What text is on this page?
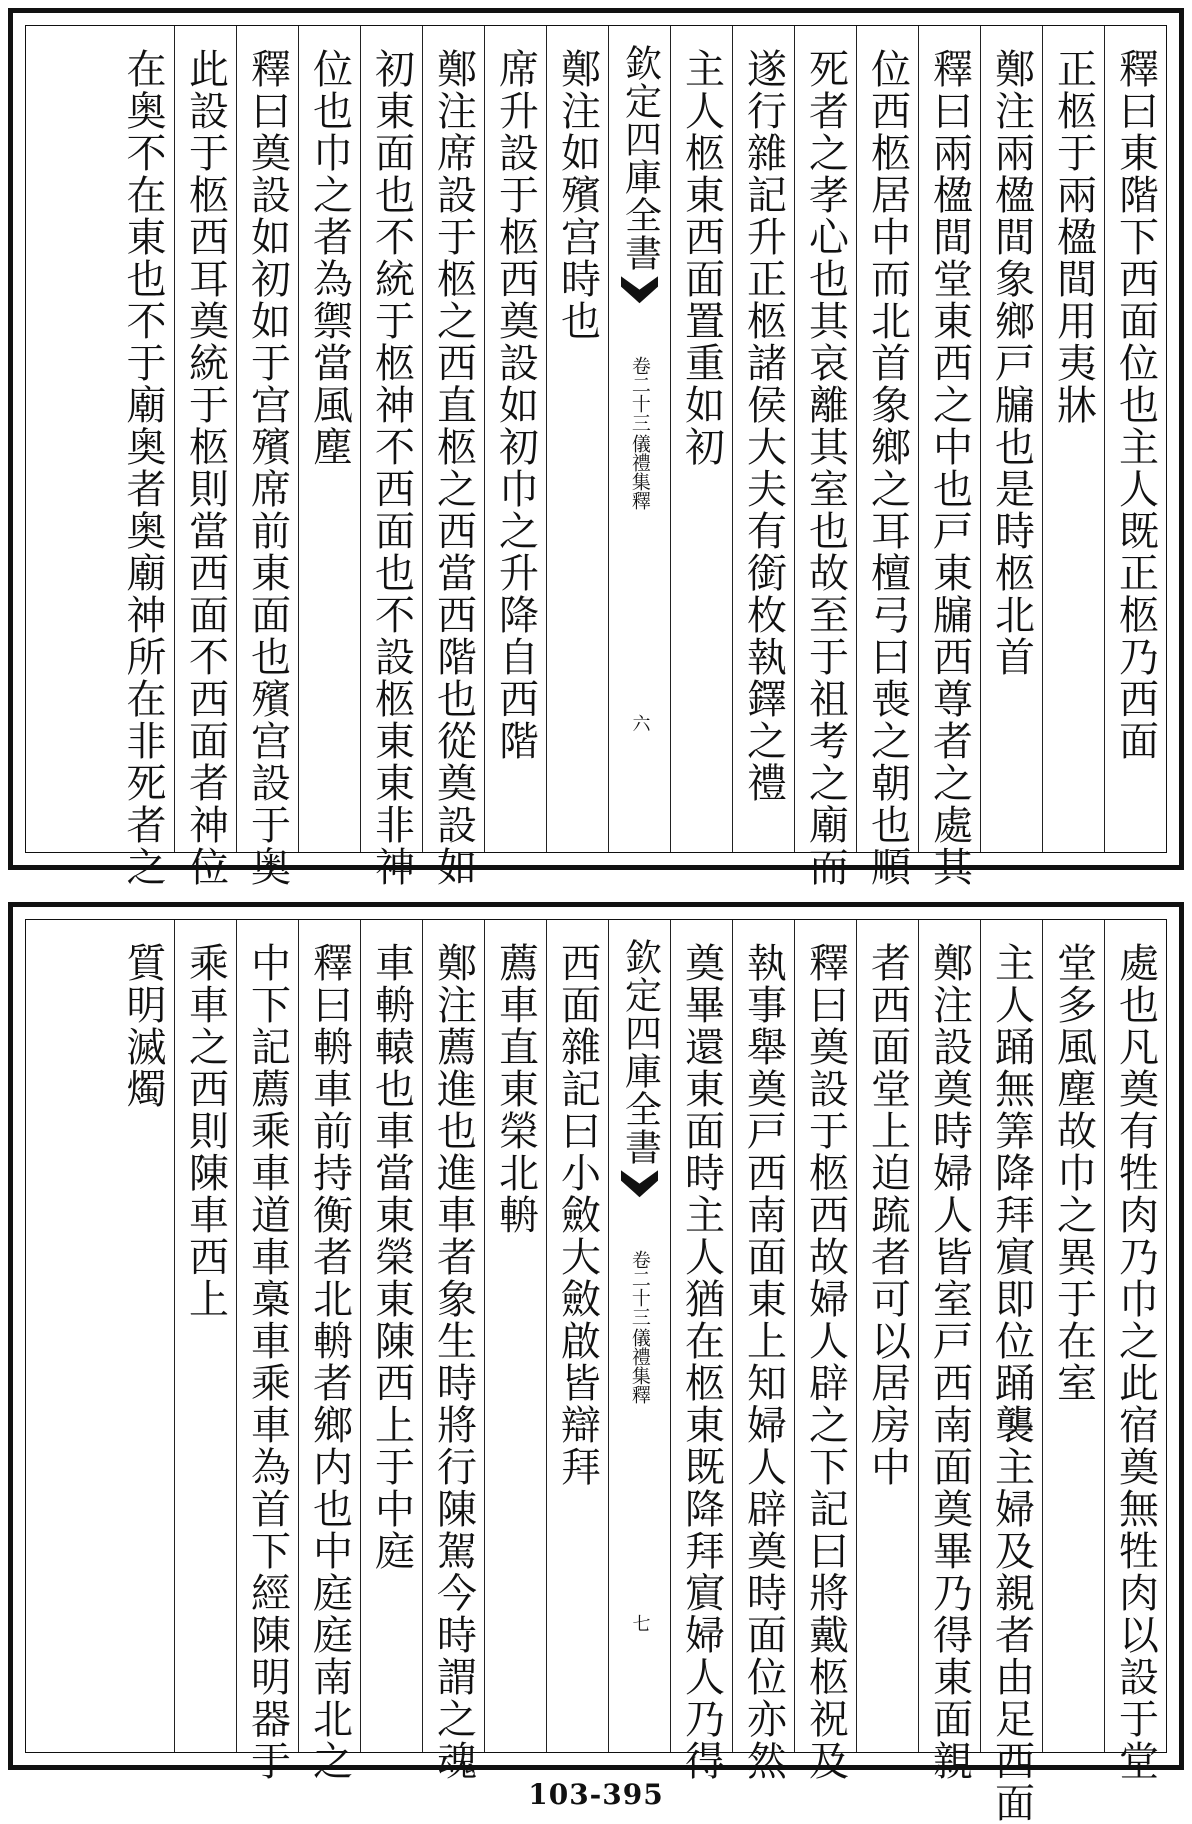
釋曰東階下西面位也主人既正柩乃西面
正柩于兩楹間用夷牀
鄭注兩楹間象鄉戸牖也是時柩北首
釋曰兩楹間堂東西之中也戸東牖西尊者之處其
位西柩居中而北首象鄉之耳檀弓曰喪之朝也順
死者之孝心也其哀離其室也故至于祖考之廟而
遂行雜記升正柩諸侯大夫有銜枚執鐸之禮
主人柩東西面置重如初
欽定四庫全書
儀禮集釋
卷二十三
六
鄭注如殯宫時也
席升設于柩西奠設如初巾之升降自西階
鄭注席設于柩之西直柩之西當西階也從奠設如
初東面也不統于柩神不西面也不設柩東東非神
位也巾之者為禦當風塵
釋曰奠設如初如于宫殯席前東面也殯宫設于奥
此設于柩西耳奠統于柩則當西面不西面者神位
在奥不在東也不于廟奥者奥廟神所在非死者之
處也凡奠有牲肉乃巾之此宿奠無牲肉以設于堂
堂多風塵故巾之異于在室
主人踊無筭降拜賔即位踊襲主婦及親者由足西面
鄭注設奠時婦人皆室戸西南面奠畢乃得東面親
者西面堂上迫䟽者可以居房中
釋曰奠設于柩西故婦人辟之下記曰將戴柩祝及
執事舉奠戸西南面東上知婦人辟奠時面位亦然
奠畢還東面時主人猶在柩東既降拜賔婦人乃得
欽定四庫全書
儀禮集釋
卷二十三
七
西面雜記曰小斂大斂啟皆辯拜
薦車直東榮北輈
鄭注薦進也進車者象生時將行陳駕今時謂之魂
車輈轅也車當東榮東陳西上于中庭
釋曰輈車前持衡者北輈者鄉内也中庭庭南北之
中下記薦乘車道車槀車乘車為首下經陳明器于
乘車之西則陳車西上
質明滅燭
103-395
